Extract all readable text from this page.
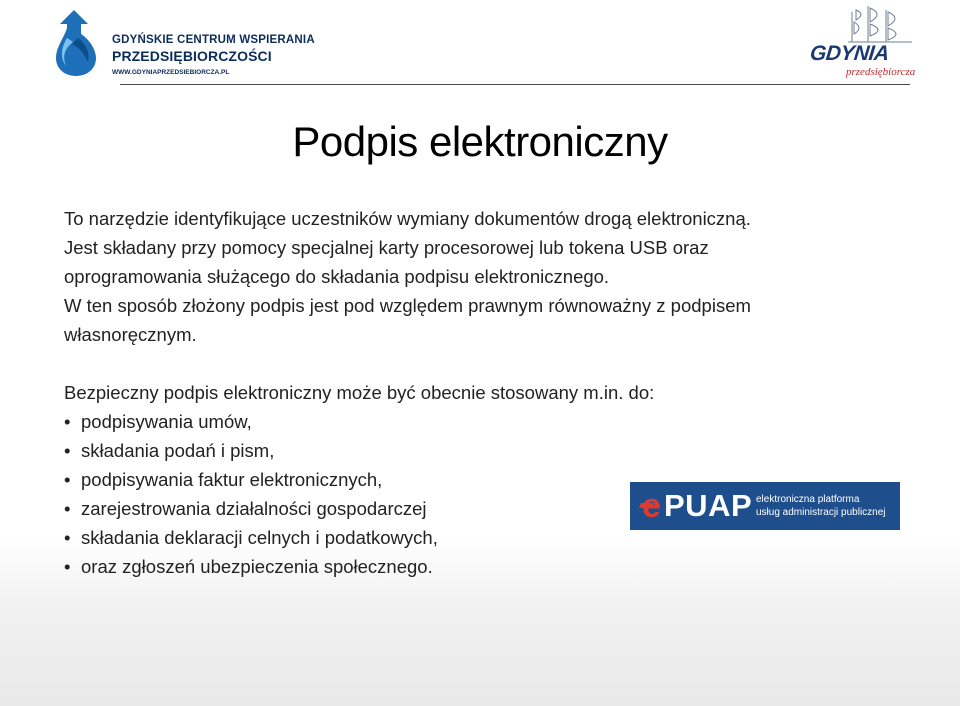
GDYŃSKIE CENTRUM WSPIERANIA
PRZEDSIĘBIORCZOŚCI
WWW.GDYNIAPRZEDSIEBIORCZA.PL
GDYNIA
przedsiębiorcza
Podpis elektroniczny

To narzędzie identyfikujące uczestników wymiany dokumentów drogą elektroniczną.

Jest składany przy pomocy specjalnej karty procesorowej lub tokena USB oraz

oprogramowania służącego do składania podpisu elektronicznego.

W ten sposób złożony podpis jest pod względem prawnym równoważny z podpisem

własnoręcznym.

Bezpieczny podpis elektroniczny może być obecnie stosowany m.in. do:

• podpisywania umów,
• składania podań i pism,
• podpisywania faktur elektronicznych,
• zarejestrowania działalności gospodarczej
• składania deklaracji celnych i podatkowych,
• oraz zgłoszeń ubezpieczenia społecznego.
e PUAP elektroniczna platforma
usług administracji publicznej
